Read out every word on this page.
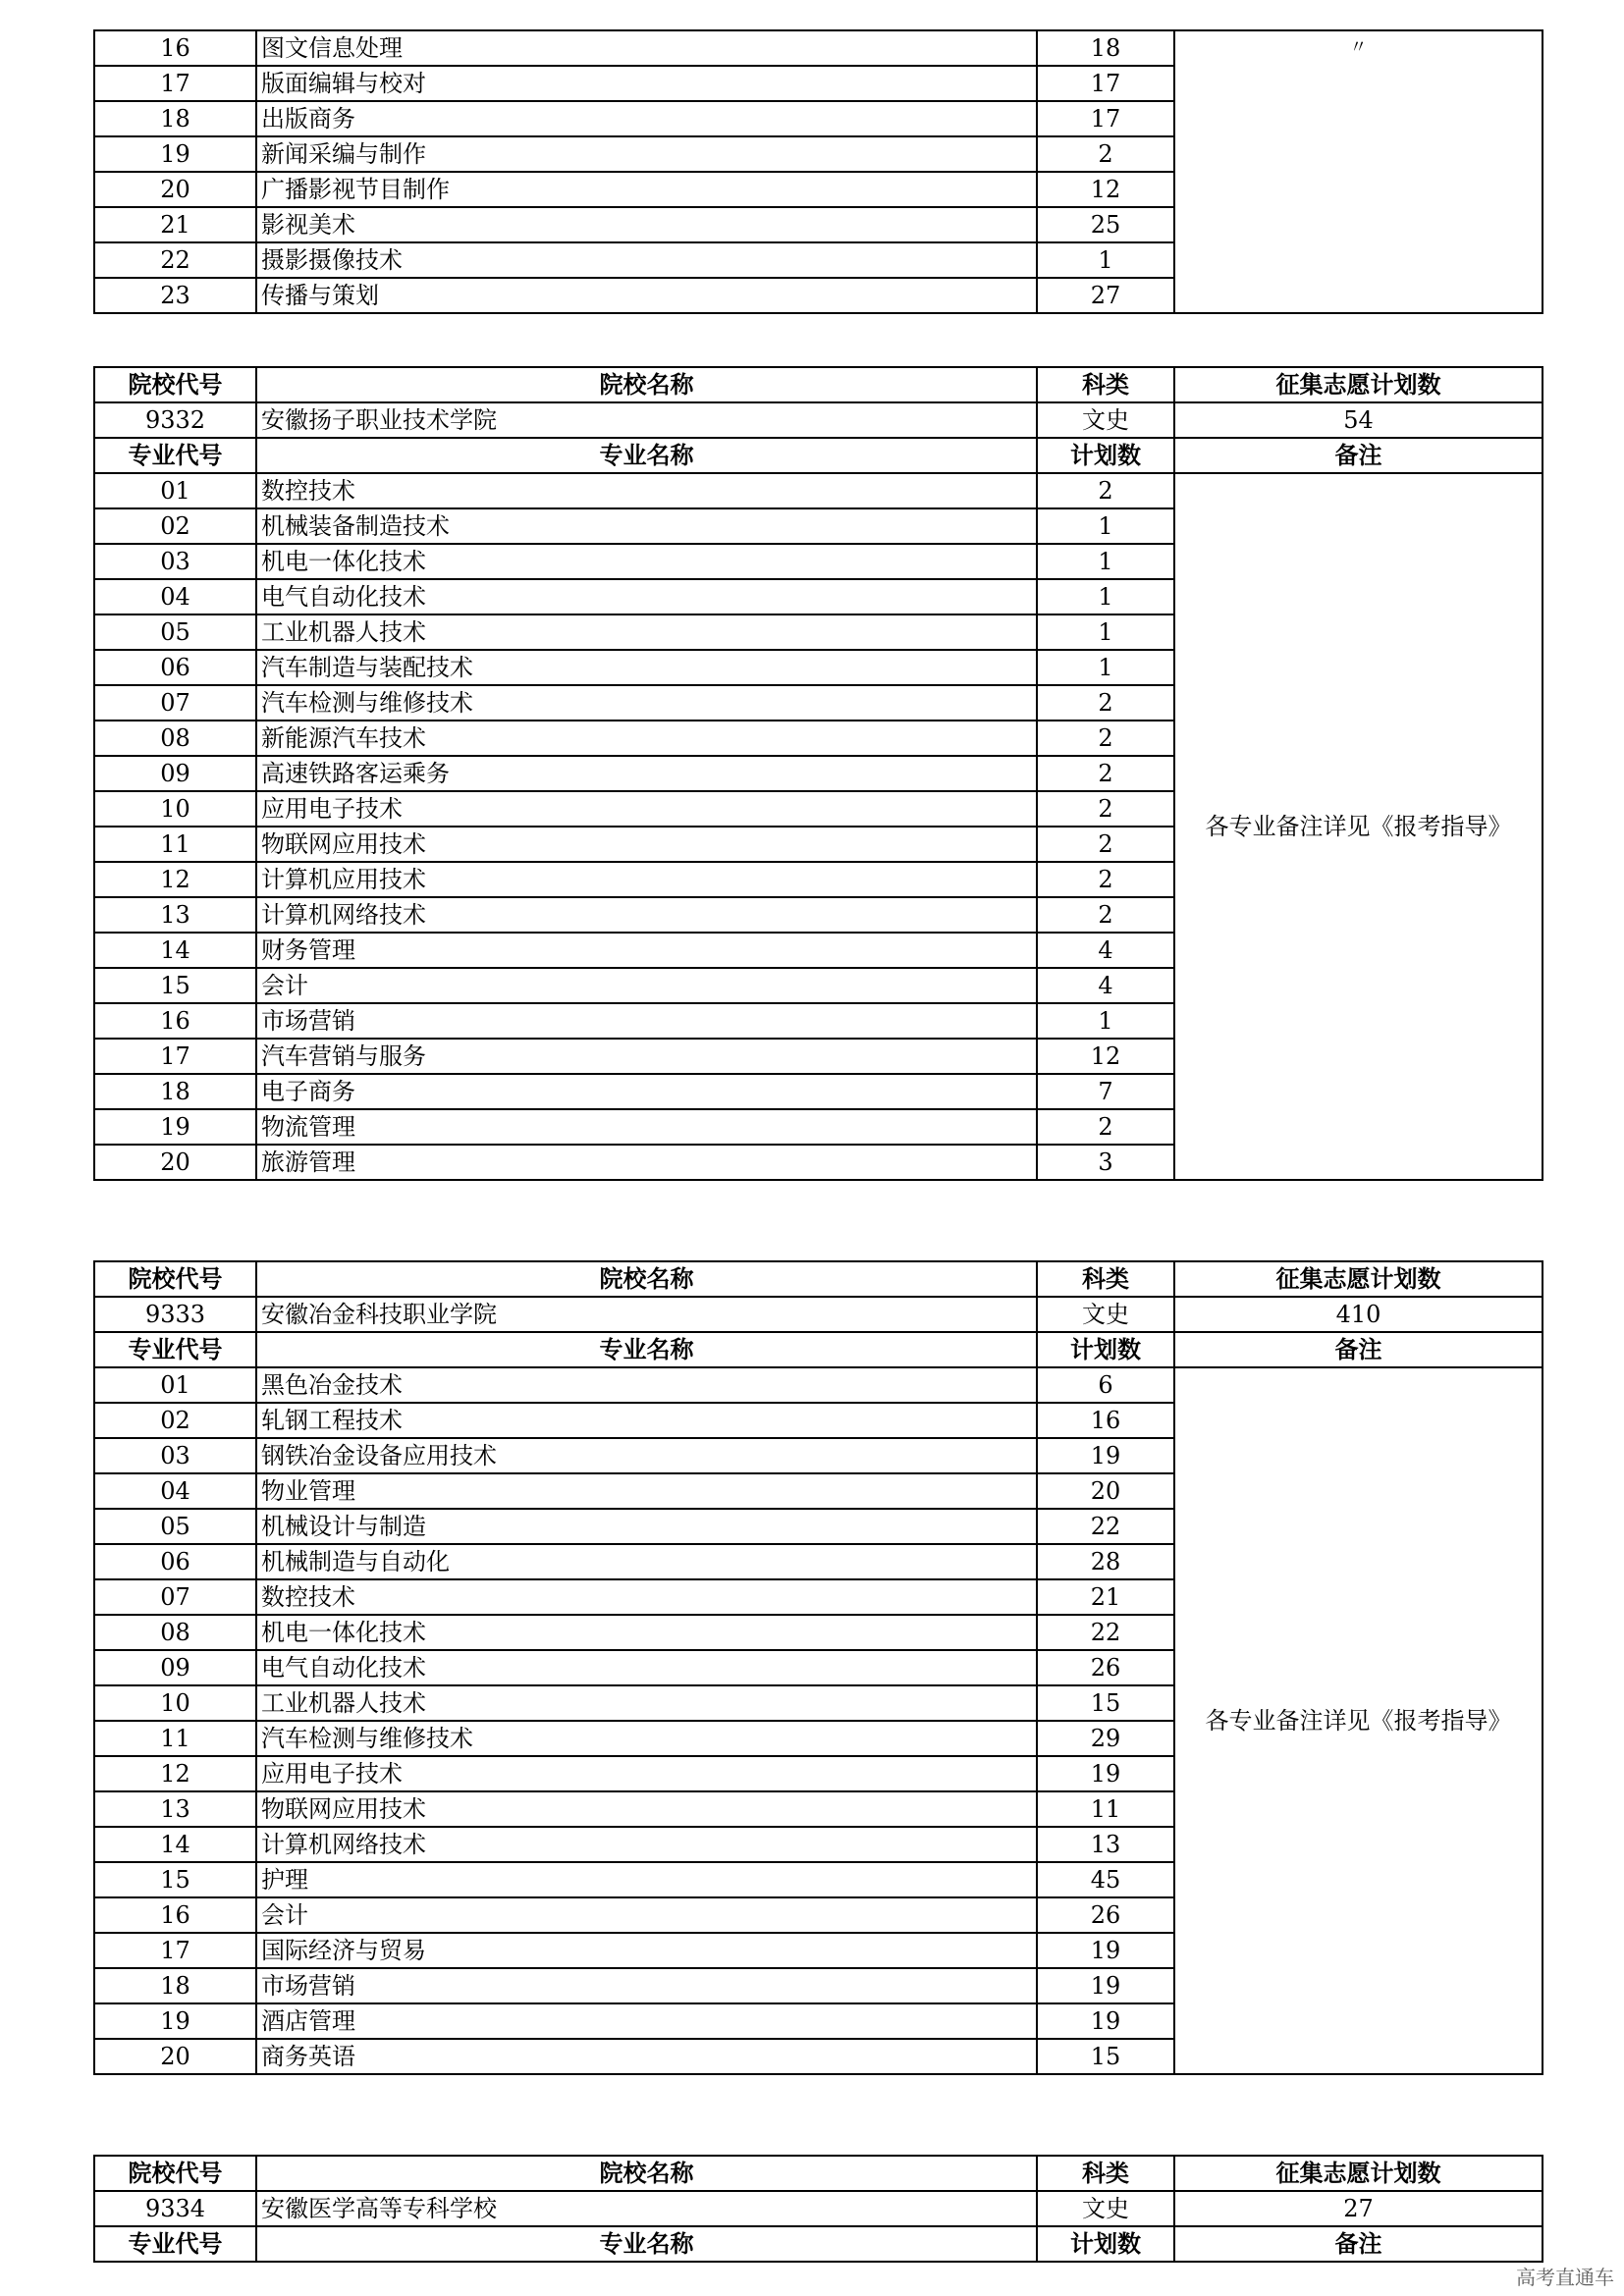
16	图文信息处理	18	〃
17	版面编辑与校对	17	
18	出版商务	17	
19	新闻采编与制作	2	
20	广播影视节目制作	12	
21	影视美术	25	
22	摄影摄像技术	1	
23	传播与策划	27	
院校代号	院校名称	科类	征集志愿计划数
9332	安徽扬子职业技术学院	文史	54
专业代号	专业名称	计划数	备注
01	数控技术	2	各专业备注详见《报考指导》
02	机械装备制造技术	1	
03	机电一体化技术	1	
04	电气自动化技术	1	
05	工业机器人技术	1	
06	汽车制造与装配技术	1	
07	汽车检测与维修技术	2	
08	新能源汽车技术	2	
09	高速铁路客运乘务	2	
10	应用电子技术	2	
11	物联网应用技术	2	
12	计算机应用技术	2	
13	计算机网络技术	2	
14	财务管理	4	
15	会计	4	
16	市场营销	1	
17	汽车营销与服务	12	
18	电子商务	7	
19	物流管理	2	
20	旅游管理	3	
院校代号	院校名称	科类	征集志愿计划数
9333	安徽冶金科技职业学院	文史	410
专业代号	专业名称	计划数	备注
01	黑色冶金技术	6	各专业备注详见《报考指导》
02	轧钢工程技术	16	
03	钢铁冶金设备应用技术	19	
04	物业管理	20	
05	机械设计与制造	22	
06	机械制造与自动化	28	
07	数控技术	21	
08	机电一体化技术	22	
09	电气自动化技术	26	
10	工业机器人技术	15	
11	汽车检测与维修技术	29	
12	应用电子技术	19	
13	物联网应用技术	11	
14	计算机网络技术	13	
15	护理	45	
16	会计	26	
17	国际经济与贸易	19	
18	市场营销	19	
19	酒店管理	19	
20	商务英语	15	
院校代号	院校名称	科类	征集志愿计划数
9334	安徽医学高等专科学校	文史	27
专业代号	专业名称	计划数	备注
高考直通车
